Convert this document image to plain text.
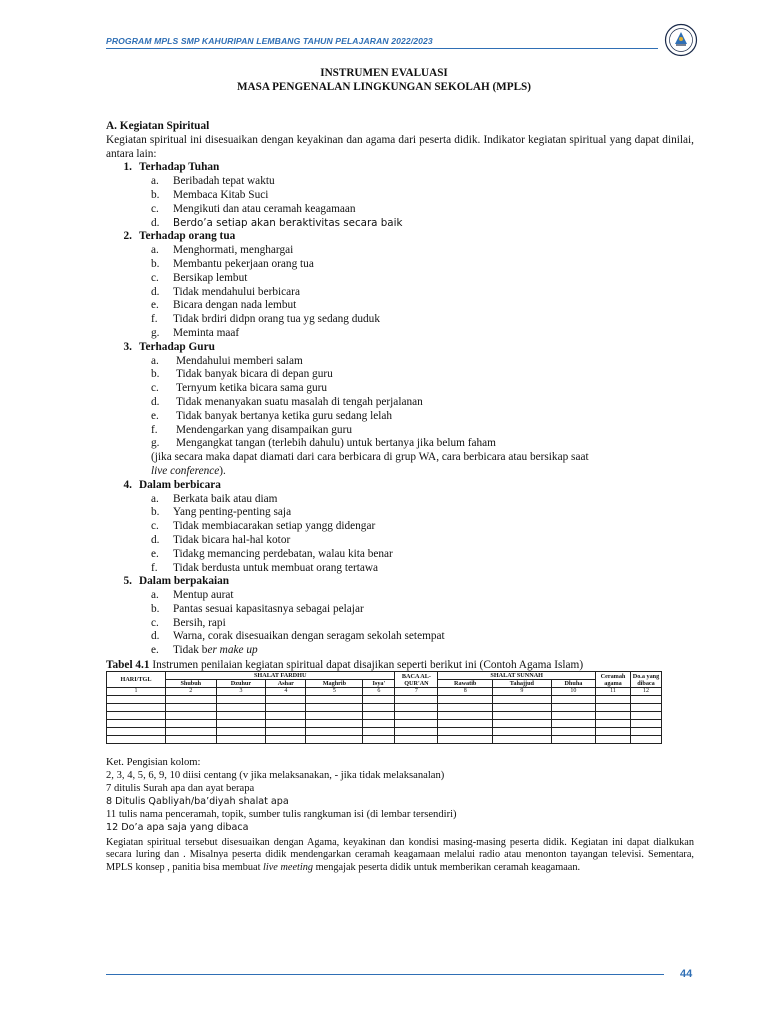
PROGRAM MPLS SMP KAHURIPAN LEMBANG TAHUN PELAJARAN 2022/2023
INSTRUMEN EVALUASI
MASA PENGENALAN LINGKUNGAN SEKOLAH (MPLS)
A. Kegiatan Spiritual
Kegiatan spiritual ini disesuaikan dengan keyakinan dan agama dari peserta didik. Indikator kegiatan spiritual yang dapat dinilai, antara lain:
1. Terhadap Tuhan
a.	Beribadah tepat waktu
b.	Membaca Kitab Suci
c.	Mengikuti dan atau ceramah keagamaan
d.	Berdo’a setiap akan beraktivitas secara baik
2. Terhadap orang tua
a.	Menghormati, menghargai
b.	Membantu pekerjaan orang tua
c.	Bersikap lembut
d.	Tidak mendahului berbicara
e.	Bicara dengan nada lembut
f.	Tidak brdiri didpn orang tua yg sedang duduk
g.	Meminta maaf
3. Terhadap Guru
a.	Mendahului memberi salam
b.	Tidak banyak bicara di depan guru
c.	Ternyum ketika bicara sama guru
d.	Tidak menanyakan suatu masalah di tengah perjalanan
e.	Tidak banyak bertanya ketika guru sedang lelah
f.	Mendengarkan yang disampaikan guru
g.	Mengangkat tangan (terlebih dahulu) untuk bertanya jika belum faham
(jika secara maka dapat diamati dari cara berbicara di grup WA, cara berbicara atau bersikap saat
live conference).
4. Dalam berbicara
a.	Berkata baik atau diam
b.	Yang penting-penting saja
c.	Tidak membiacarakan setiap yangg didengar
d.	Tidak bicara hal-hal kotor
e.	Tidakg memancing perdebatan, walau kita benar
f.	Tidak berdusta untuk membuat orang tertawa
5. Dalam berpakaian
a.	Mentup aurat
b.	Pantas sesuai kapasitasnya sebagai pelajar
c.	Bersih, rapi
d.	Warna, corak disesuaikan dengan seragam sekolah setempat
e.	Tidak b er make up
Tabel 4.1 Instrumen penilaian kegiatan spiritual dapat disajikan seperti berikut ini (Contoh Agama Islam)
HARI/TGL	SHALAT FARDHU					BACA AL-QUR'AN	SHALAT SUNNAH			Ceramah agama	Do.a yang dibaca
	Shubuh	Dzuhur	Ashar	Maghrib	Isya'		Rawatib	Tahajjud	Dhuha		
1	2	3	4	5	6	7	8	9	10	11	12

Ket. Pengisian kolom:
2, 3, 4, 5, 6, 9, 10 diisi centang (v jika melaksanakan, - jika tidak melaksanalan)
7 ditulis Surah apa dan ayat berapa
8 Ditulis Qabliyah/ba’diyah shalat apa
11 tulis nama penceramah, topik, sumber tulis rangkuman isi (di lembar tersendiri)
12 Do’a apa saja yang dibaca
Kegiatan spiritual tersebut disesuaikan dengan Agama, keyakinan dan kondisi masing-masing peserta didik. Kegiatan ini dapat dialkukan secara luring dan . Misalnya peserta didik mendengarkan ceramah keagamaan melalui radio atau menonton tayangan televisi. Sementara, MPLS konsep , panitia bisa membuat live meeting mengajak peserta didik untuk memberikan ceramah keagamaan.
44
